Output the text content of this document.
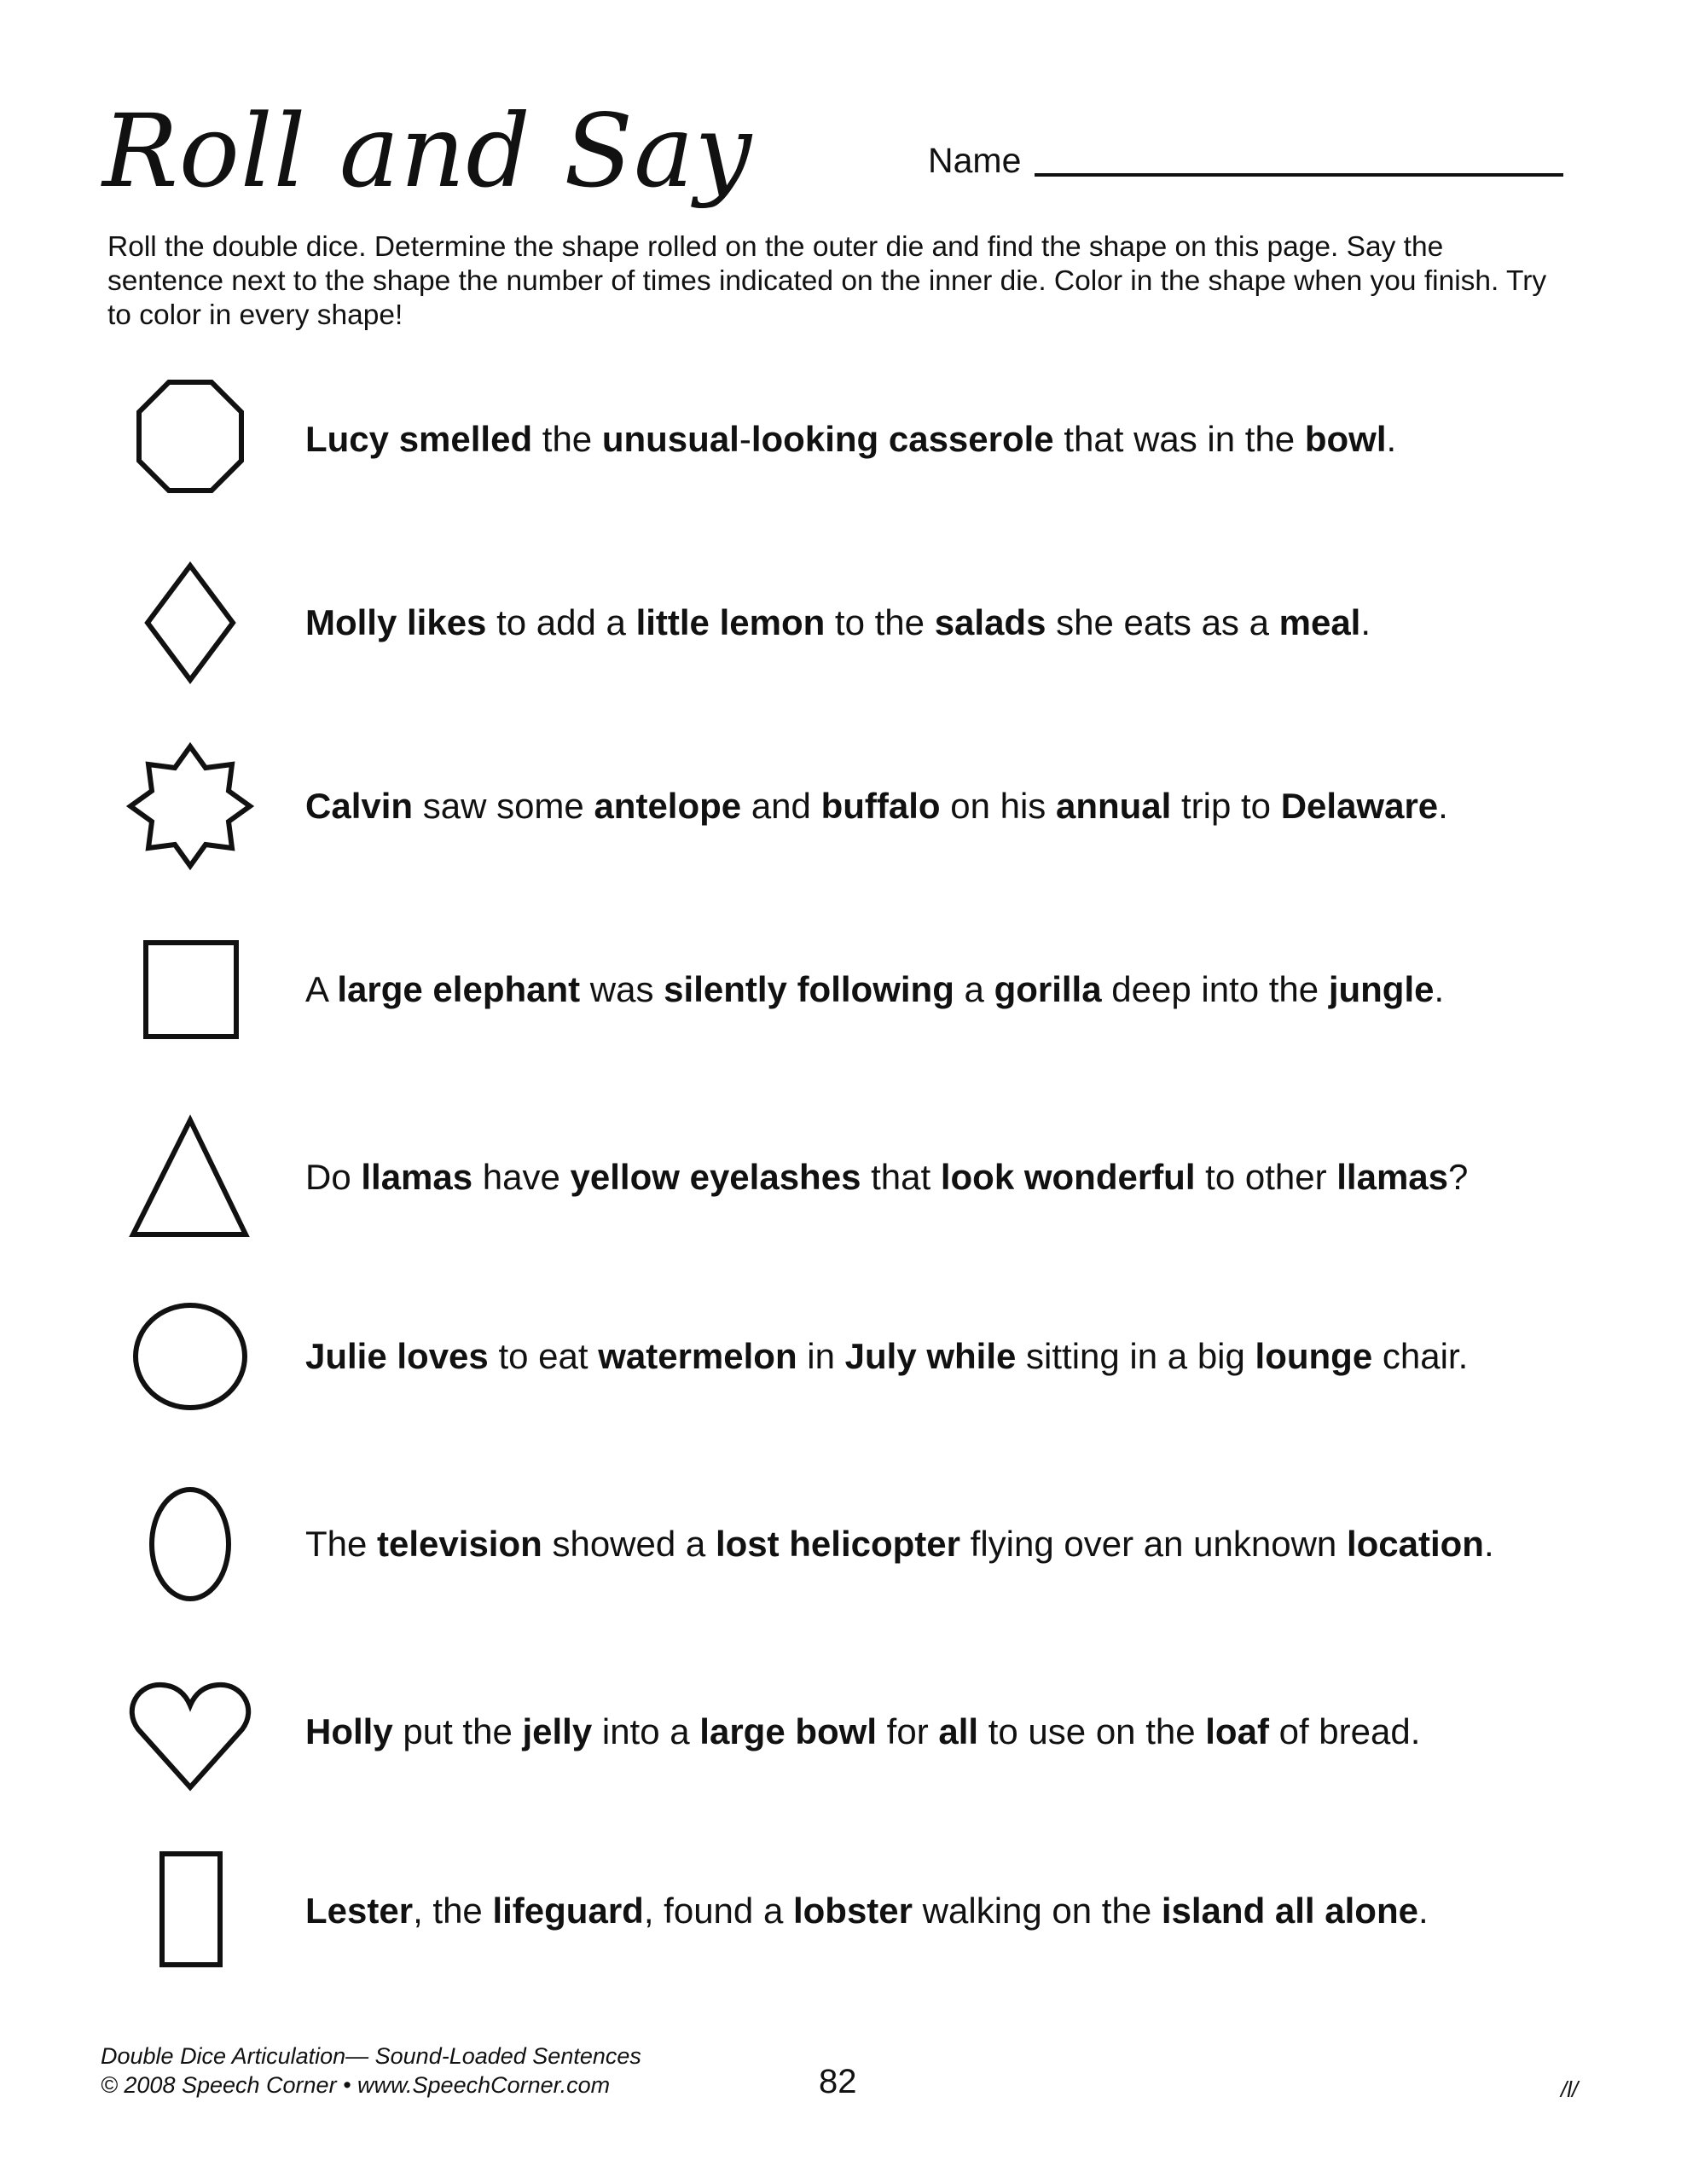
Roll and Say	Name
Roll the double dice. Determine the shape rolled on the outer die and find the shape on this page. Say the sentence next to the shape the number of times indicated on the inner die. Color in the shape when you finish. Try to color in every shape!
Lucy smelled the unusual-looking casserole that was in the bowl.
Molly likes to add a little lemon to the salads she eats as a meal.
Calvin saw some antelope and buffalo on his annual trip to Delaware.
A large elephant was silently following a gorilla deep into the jungle.
Do llamas have yellow eyelashes that look wonderful to other llamas?
Julie loves to eat watermelon in July while sitting in a big lounge chair.
The television showed a lost helicopter flying over an unknown location.
Holly put the jelly into a large bowl for all to use on the loaf of bread.
Lester, the lifeguard, found a lobster walking on the island all alone.
Double Dice Articulation— Sound-Loaded Sentences
© 2008 Speech Corner • www.SpeechCorner.com	82	/l/
